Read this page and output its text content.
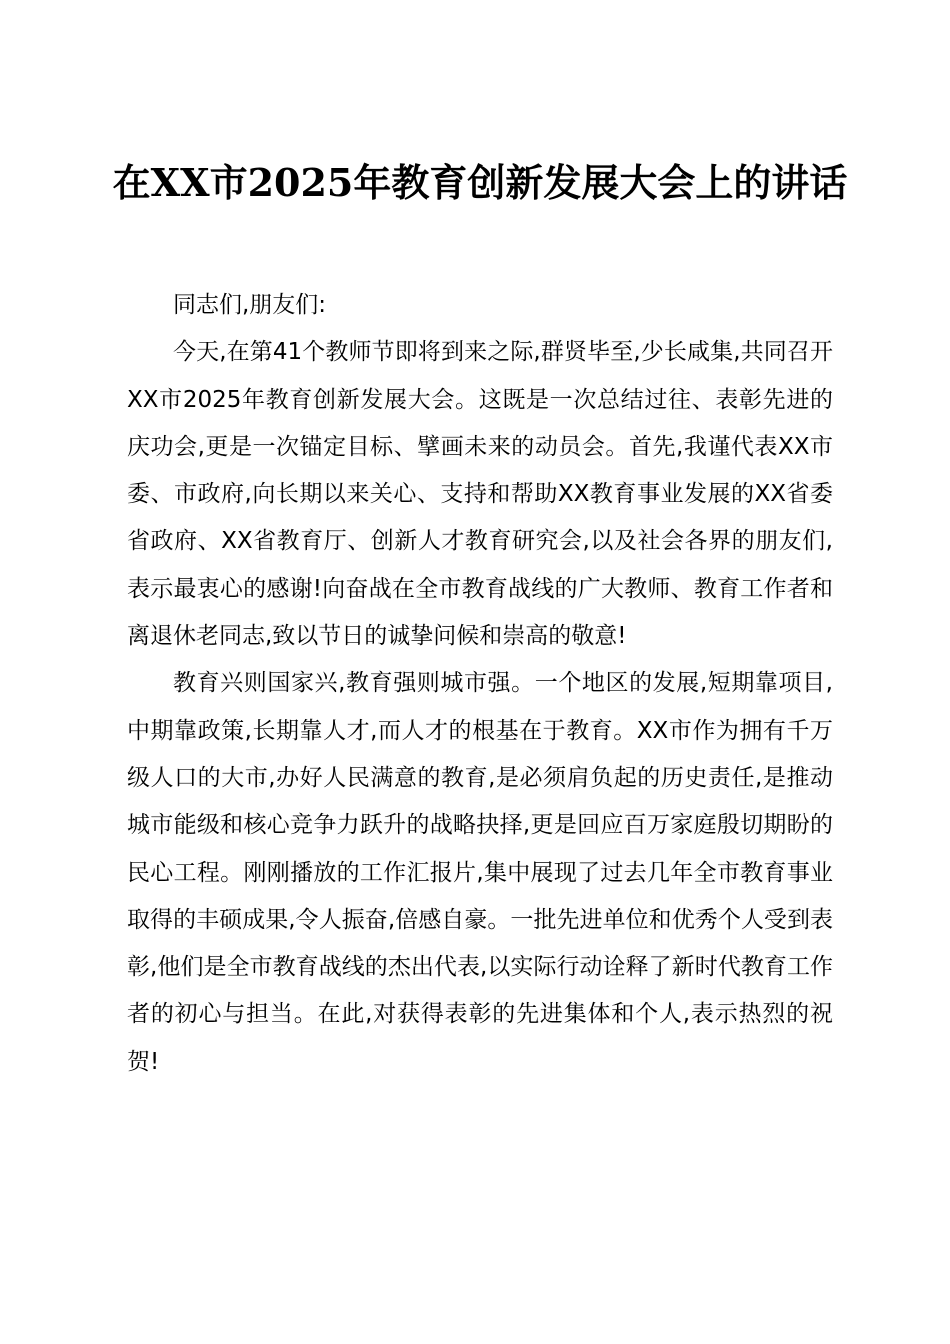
在XX市2025年教育创新发展大会上的讲话

同志们,朋友们:

今天,在第41个教师节即将到来之际,群贤毕至,少长咸集,共同召开XX市2025年教育创新发展大会。这既是一次总结过往、表彰先进的庆功会,更是一次锚定目标、擘画未来的动员会。首先,我谨代表XX市委、市政府,向长期以来关心、支持和帮助XX教育事业发展的XX省委省政府、XX省教育厅、创新人才教育研究会,以及社会各界的朋友们,表示最衷心的感谢!向奋战在全市教育战线的广大教师、教育工作者和离退休老同志,致以节日的诚挚问候和崇高的敬意!

教育兴则国家兴,教育强则城市强。一个地区的发展,短期靠项目,中期靠政策,长期靠人才,而人才的根基在于教育。XX市作为拥有千万级人口的大市,办好人民满意的教育,是必须肩负起的历史责任,是推动城市能级和核心竞争力跃升的战略抉择,更是回应百万家庭殷切期盼的民心工程。刚刚播放的工作汇报片,集中展现了过去几年全市教育事业取得的丰硕成果,令人振奋,倍感自豪。一批先进单位和优秀个人受到表彰,他们是全市教育战线的杰出代表,以实际行动诠释了新时代教育工作者的初心与担当。在此,对获得表彰的先进集体和个人,表示热烈的祝贺!
